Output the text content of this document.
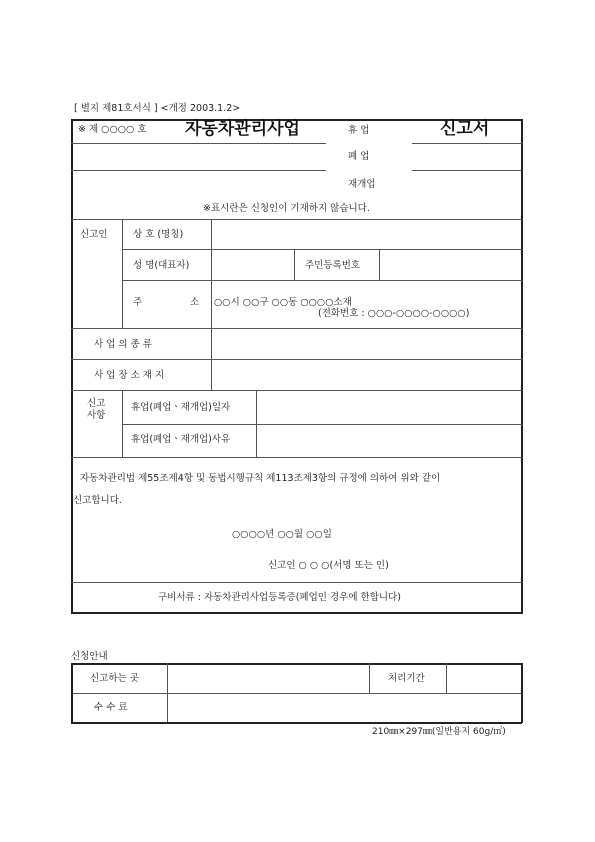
[ 별지 제81호서식 ] <개정 2003.1.2>
※ 제 ○○○○ 호 자동차관리사업	휴 업
폐 업
재개업
신고서
※표시란은 신청인이 기재하지 않습니다.
신고인	상 호 (명칭)
성 명(대표자)	주민등록번호
주	소 ○○시 ○○구 ○○동 ○○○○소재
(전화번호 : ○○○-○○○○-○○○○)
사 업 의 종 류
사 업 장 소 재 지
신고
사항
휴업(폐업ㆍ재개업)일자
휴업(폐업ㆍ재개업)사유
자동차관리법 제55조제4항 및 동법시행규칙 제113조제3항의 규정에 의하여 위와 같이
신고합니다.
○○○○년 ○○월 ○○일
신고인 ○ ○ ○(서명 또는 인)
구비서류 : 자동차관리사업등록증(폐업인 경우에 한합니다)
신청안내
신고하는 곳	처리기간
수 수 료
210㎜×297㎜(일반용지 60g/㎡)
